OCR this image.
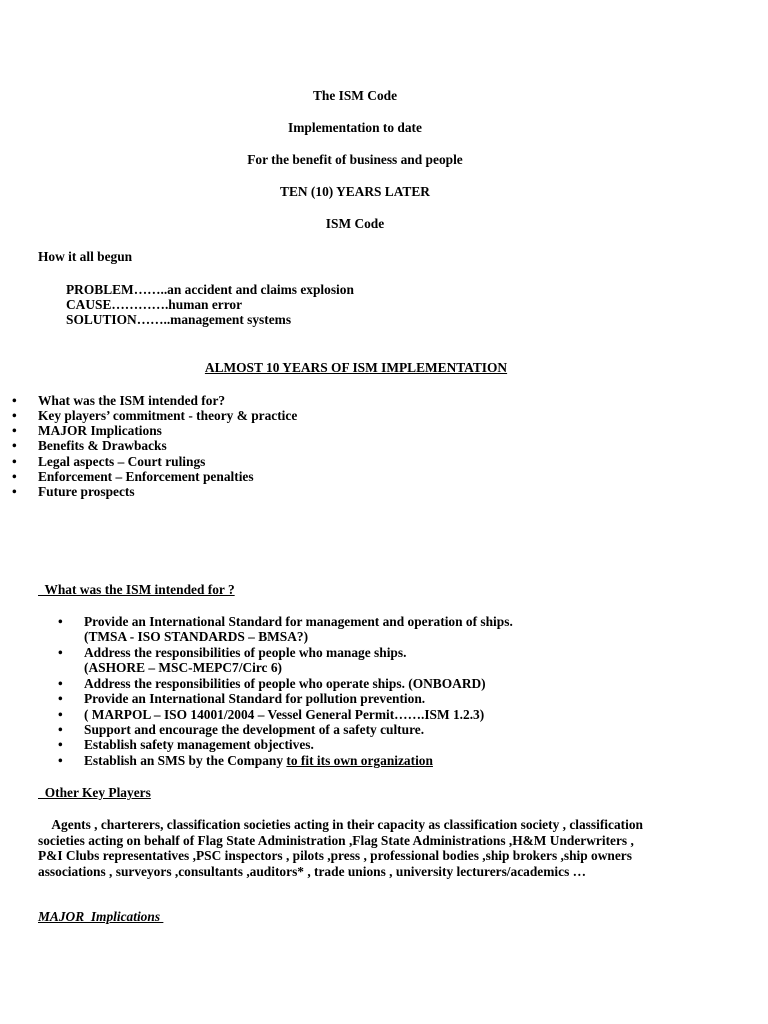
The ISM Code
Implementation to date
For the benefit of business and people
TEN (10) YEARS LATER
ISM Code
How it all begun
PROBLEM……..an accident and claims explosion
CAUSE………….human error
SOLUTION……..management systems
ALMOST 10 YEARS OF ISM IMPLEMENTATION
• What was the ISM intended for?
• Key players’ commitment - theory & practice
• MAJOR Implications
• Benefits & Drawbacks
• Legal aspects – Court rulings
• Enforcement – Enforcement penalties
• Future prospects
What was the ISM intended for ?
• Provide an International Standard for management and operation of ships.
(TMSA - ISO STANDARDS – BMSA?)
• Address the responsibilities of people who manage ships.
(ASHORE – MSC-MEPC7/Circ 6)
• Address the responsibilities of people who operate ships. (ONBOARD)
• Provide an International Standard for pollution prevention.
• ( MARPOL – ISO 14001/2004 – Vessel General Permit…….ISM 1.2.3)
• Support and encourage the development of a safety culture.
• Establish safety management objectives.
• Establish an SMS by the Company to fit its own organization
Other Key Players
Agents , charterers, classification societies acting in their capacity as classification society , classification societies acting on behalf of Flag State Administration ,Flag State Administrations ,H&M Underwriters , P&I Clubs representatives ,PSC inspectors , pilots ,press , professional bodies ,ship brokers ,ship owners associations , surveyors ,consultants ,auditors* , trade unions , university lecturers/academics …
MAJOR  Implications
